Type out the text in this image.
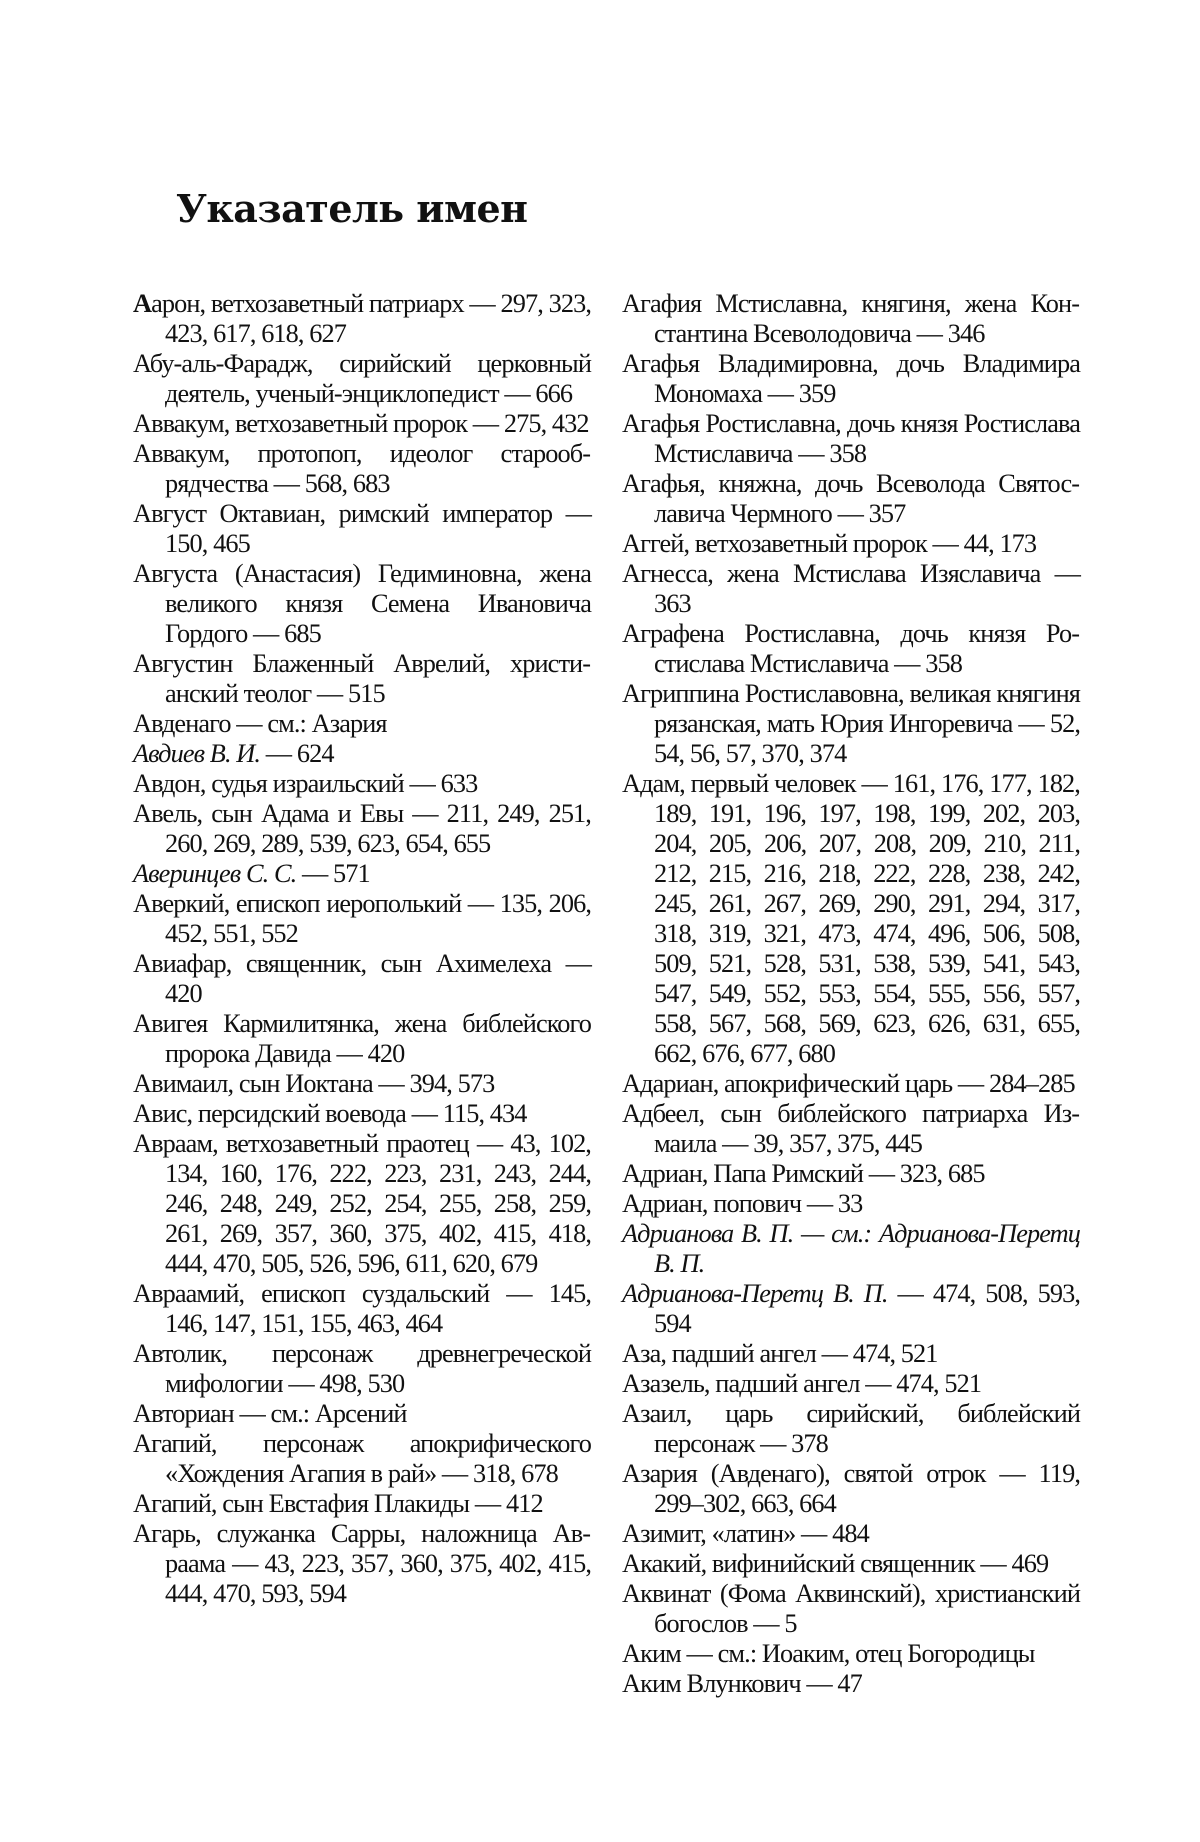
Указатель имен

Аарон, ветхозаветный патриарх — 297, 323, 423, 617, 618, 627

Абу-аль-Фарадж, сирийский церковный деятель, ученый-энциклопедист — 666

Аввакум, ветхозаветный пророк — 275, 432

Аввакум, протопоп, идеолог старообрядчества — 568, 683

Август Октавиан, римский император — 150, 465

Августа (Анастасия) Гедиминовна, жена великого князя Семена Ивановича Гордого — 685

Августин Блаженный Аврелий, христианский теолог — 515

Авденаго — см.: Азария

Авдиев В. И. — 624

Авдон, судья израильский — 633

Авель, сын Адама и Евы — 211, 249, 251, 260, 269, 289, 539, 623, 654, 655

Аверинцев С. С. — 571

Аверкий, епископ иерополький — 135, 206, 452, 551, 552

Авиафар, священник, сын Ахимелеха — 420

Авигея Кармилитянка, жена библейского пророка Давида — 420

Авимаил, сын Иоктана — 394, 573

Авис, персидский воевода — 115, 434

Авраам, ветхозаветный праотец — 43, 102, 134, 160, 176, 222, 223, 231, 243, 244, 246, 248, 249, 252, 254, 255, 258, 259, 261, 269, 357, 360, 375, 402, 415, 418, 444, 470, 505, 526, 596, 611, 620, 679

Авраамий, епископ суздальский — 145, 146, 147, 151, 155, 463, 464

Автолик, персонаж древнегреческой мифологии — 498, 530

Авториан — см.: Арсений

Агапий, персонаж апокрифического «Хождения Агапия в рай» — 318, 678

Агапий, сын Евстафия Плакиды — 412

Агарь, служанка Сарры, наложница Авраама — 43, 223, 357, 360, 375, 402, 415, 444, 470, 593, 594

Агафия Мстиславна, княгиня, жена Константина Всеволодовича — 346

Агафья Владимировна, дочь Владимира Мономаха — 359

Агафья Ростиславна, дочь князя Ростислава Мстиславича — 358

Агафья, княжна, дочь Всеволода Святославича Чермного — 357

Аггей, ветхозаветный пророк — 44, 173

Агнесса, жена Мстислава Изяславича — 363

Аграфена Ростиславна, дочь князя Ростислава Мстиславича — 358

Агриппина Ростиславовна, великая княгиня рязанская, мать Юрия Ингоревича — 52, 54, 56, 57, 370, 374

Адам, первый человек — 161, 176, 177, 182, 189, 191, 196, 197, 198, 199, 202, 203, 204, 205, 206, 207, 208, 209, 210, 211, 212, 215, 216, 218, 222, 228, 238, 242, 245, 261, 267, 269, 290, 291, 294, 317, 318, 319, 321, 473, 474, 496, 506, 508, 509, 521, 528, 531, 538, 539, 541, 543, 547, 549, 552, 553, 554, 555, 556, 557, 558, 567, 568, 569, 623, 626, 631, 655, 662, 676, 677, 680

Адариан, апокрифический царь — 284–285

Адбеел, сын библейского патриарха Измаила — 39, 357, 375, 445

Адриан, Папа Римский — 323, 685

Адриан, попович — 33

Адрианова В. П. — см.: Адрианова-Перетц В. П.

Адрианова-Перетц В. П. — 474, 508, 593, 594

Аза, падший ангел — 474, 521

Азазель, падший ангел — 474, 521

Азаил, царь сирийский, библейский персонаж — 378

Азария (Авденаго), святой отрок — 119, 299–302, 663, 664

Азимит, «латин» — 484

Акакий, вифинийский священник — 469

Аквинат (Фома Аквинский), христианский богослов — 5

Аким — см.: Иоаким, отец Богородицы

Аким Влункович — 47
